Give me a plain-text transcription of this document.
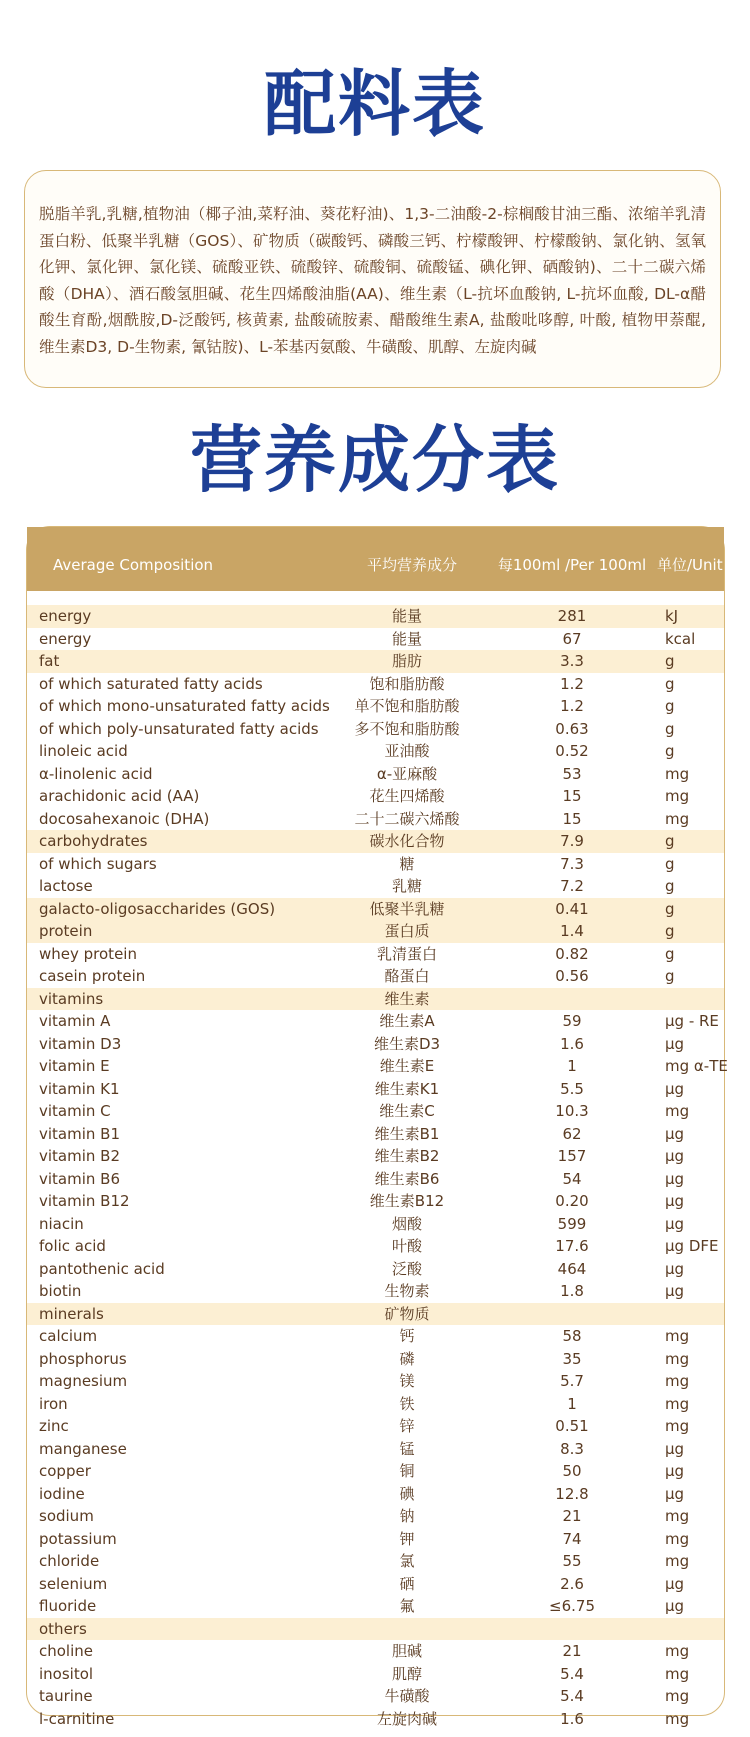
配料表

脱脂羊乳,乳糖,植物油（椰子油,菜籽油、葵花籽油)、1,3-二油酸-2-棕榈酸甘油三酯、浓缩羊乳清蛋白粉、低聚半乳糖（GOS）、矿物质（碳酸钙、磷酸三钙、柠檬酸钾、柠檬酸钠、氯化钠、氢氧化钾、氯化钾、氯化镁、硫酸亚铁、硫酸锌、硫酸铜、硫酸锰、碘化钾、硒酸钠)、二十二碳六烯酸（DHA）、酒石酸氢胆碱、花生四烯酸油脂(AA)、维生素（L-抗坏血酸钠, L-抗坏血酸, DL-α醋酸生育酚,烟酰胺,D-泛酸钙, 核黄素, 盐酸硫胺素、醋酸维生素A, 盐酸吡哆醇, 叶酸, 植物甲萘醌, 维生素D3, D-生物素, 氰钴胺)、L-苯基丙氨酸、牛磺酸、肌醇、左旋肉碱

营养成分表
Average Composition	平均营养成分	每100ml /Per 100ml 单位/Unit
energy	能量	281	kJ
energy	能量	67	kcal
fat	脂肪	3.3	g
of which saturated fatty acids	饱和脂肪酸	1.2	g
of which mono-unsaturated fatty acids	单不饱和脂肪酸	1.2	g
of which poly-unsaturated fatty acids	多不饱和脂肪酸	0.63	g
linoleic acid	亚油酸	0.52	g
α-linolenic acid	α-亚麻酸	53	mg
arachidonic acid (AA)	花生四烯酸	15	mg
docosahexanoic (DHA)	二十二碳六烯酸	15	mg
carbohydrates	碳水化合物	7.9	g
of which sugars	糖	7.3	g
lactose	乳糖	7.2	g
galacto-oligosaccharides (GOS)	低聚半乳糖	0.41	g
protein	蛋白质	1.4	g
whey protein	乳清蛋白	0.82	g
casein protein	酪蛋白	0.56	g
vitamins	维生素
vitamin A	维生素A	59	μg - RE
vitamin D3	维生素D3	1.6	μg
vitamin E	维生素E	1	mg α-TE
vitamin K1	维生素K1	5.5	μg
vitamin C	维生素C	10.3	mg
vitamin B1	维生素B1	62	μg
vitamin B2	维生素B2	157	μg
vitamin B6	维生素B6	54	μg
vitamin B12	维生素B12	0.20	μg
niacin	烟酸	599	μg
folic acid	叶酸	17.6	μg DFE
pantothenic acid	泛酸	464	μg
biotin	生物素	1.8	μg
minerals	矿物质
calcium	钙	58	mg
phosphorus	磷	35	mg
magnesium	镁	5.7	mg
iron	铁	1	mg
zinc	锌	0.51	mg
manganese	锰	8.3	μg
copper	铜	50	μg
iodine	碘	12.8	μg
sodium	钠	21	mg
potassium	钾	74	mg
chloride	氯	55	mg
selenium	硒	2.6	μg
fluoride	氟	≤6.75	μg
others
choline	胆碱	21	mg
inositol	肌醇	5.4	mg
taurine	牛磺酸	5.4	mg
l-carnitine	左旋肉碱	1.6	mg
